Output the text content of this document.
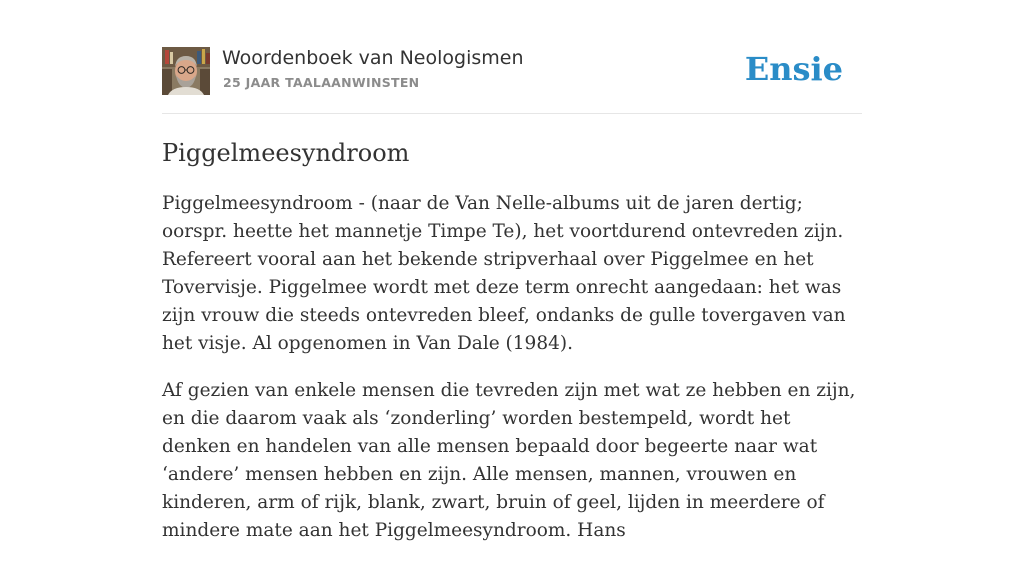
Woordenboek van Neologismen
25 JAAR TAALAANWINSTEN	Ensie
Piggelmeesyndroom

Piggelmeesyndroom - (naar de Van Nelle-albums uit de jaren dertig; oorspr. heette het mannetje Timpe Te), het voortdurend ontevreden zijn. Refereert vooral aan het bekende stripverhaal over Piggelmee en het Tovervisje. Piggelmee wordt met deze term onrecht aangedaan: het was zijn vrouw die steeds ontevreden bleef, ondanks de gulle tovergaven van het visje. Al opgenomen in Van Dale (1984).

Af gezien van enkele mensen die tevreden zijn met wat ze hebben en zijn, en die daarom vaak als ‘zonderling’ worden bestempeld, wordt het denken en handelen van alle mensen bepaald door begeerte naar wat ‘andere’ mensen hebben en zijn. Alle mensen, mannen, vrouwen en kinderen, arm of rijk, blank, zwart, bruin of geel, lijden in meerdere of mindere mate aan het Piggelmeesyndroom. Hans
